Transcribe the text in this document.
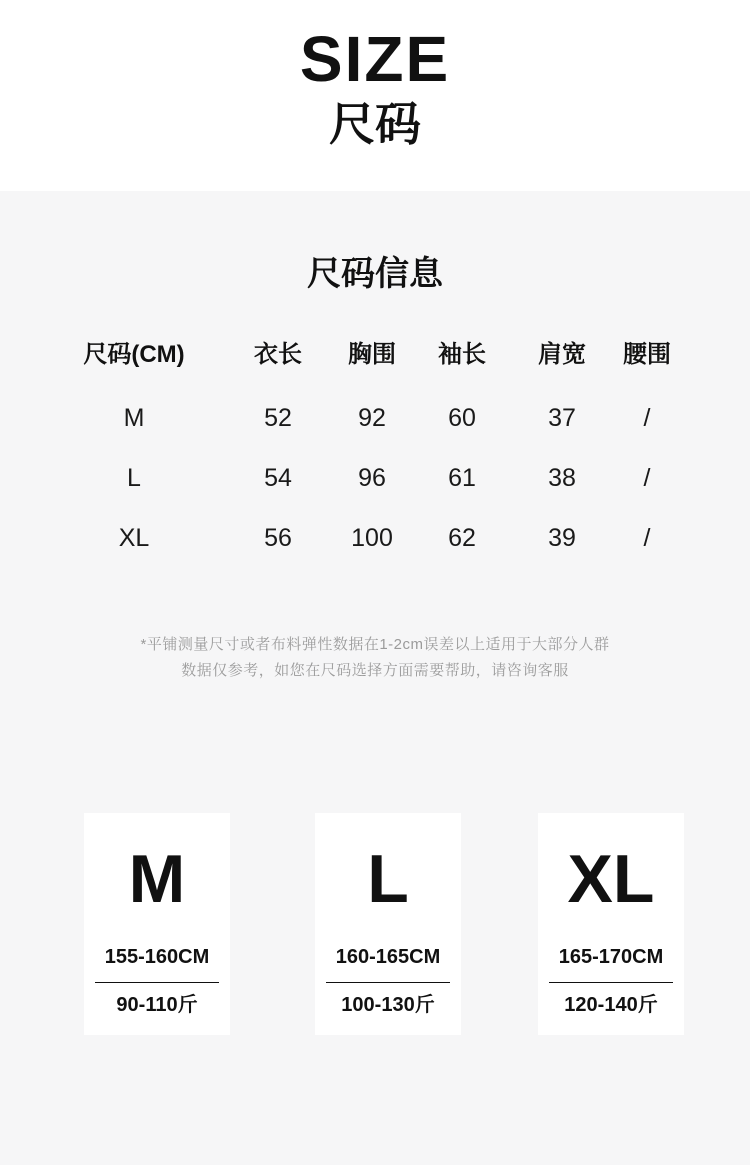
SIZE
尺码
尺码信息
尺码(CM)	衣长	胸围	袖长	肩宽	腰围
M	52	92	60	37	/
L	54	96	61	38	/
XL	56	100	62	39	/
*平铺测量尺寸或者布料弹性数据在1-2cm误差以上适用于大部分人群
数据仅参考，如您在尺码选择方面需要帮助，请咨询客服
M
155-160CM
90-110斤
L
160-165CM
100-130斤
XL
165-170CM
120-140斤
